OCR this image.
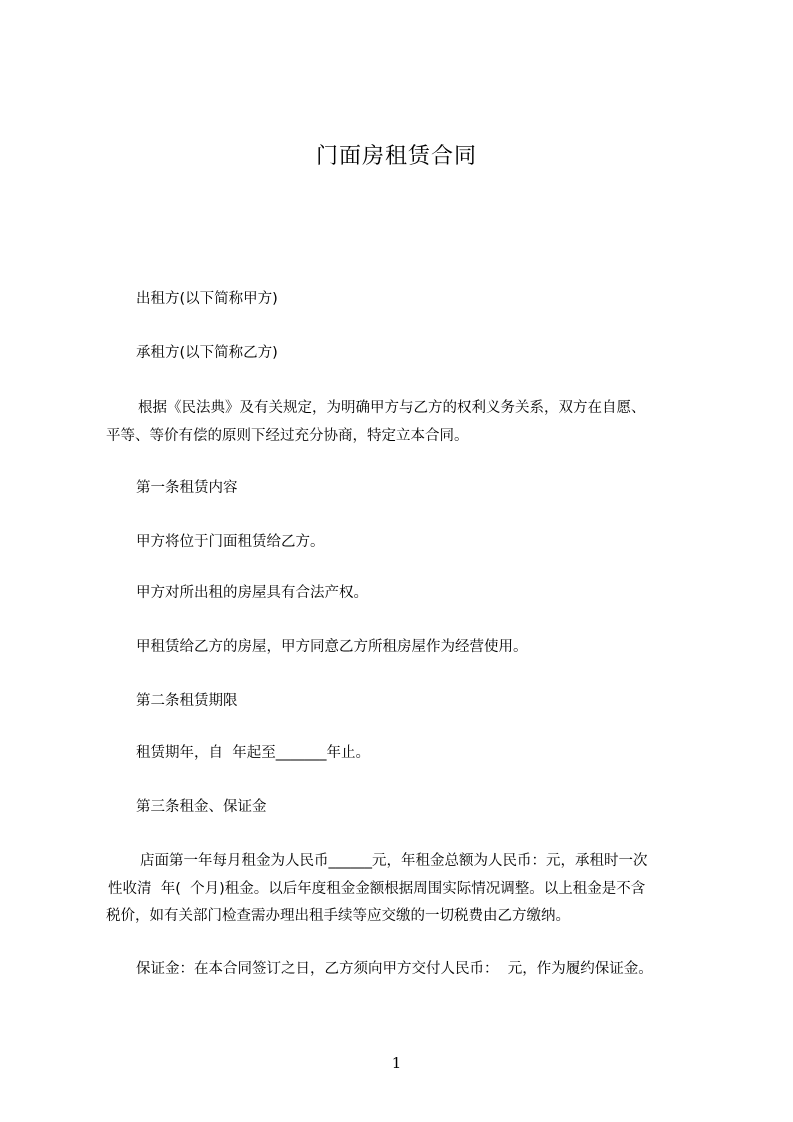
门面房租赁合同
出租方(以下简称甲方)
承租方(以下简称乙方)
根据《民法典》及有关规定，为明确甲方与乙方的权利义务关系，双方在自愿、
平等、等价有偿的原则下经过充分协商，特定立本合同。
第一条租赁内容
甲方将位于门面租赁给乙方。
甲方对所出租的房屋具有合法产权。
甲租赁给乙方的房屋，甲方同意乙方所租房屋作为经营使用。
第二条租赁期限
租赁期年，自  年起至_______年止。
第三条租金、保证金
店面第一年每月租金为人民币______元，年租金总额为人民币：元，承租时一次
性收清  年(  个月)租金。以后年度租金金额根据周围实际情况调整。以上租金是不含
税价，如有关部门检查需办理出租手续等应交缴的一切税费由乙方缴纳。
保证金：在本合同签订之日，乙方须向甲方交付人民币：  元，作为履约保证金。
1
